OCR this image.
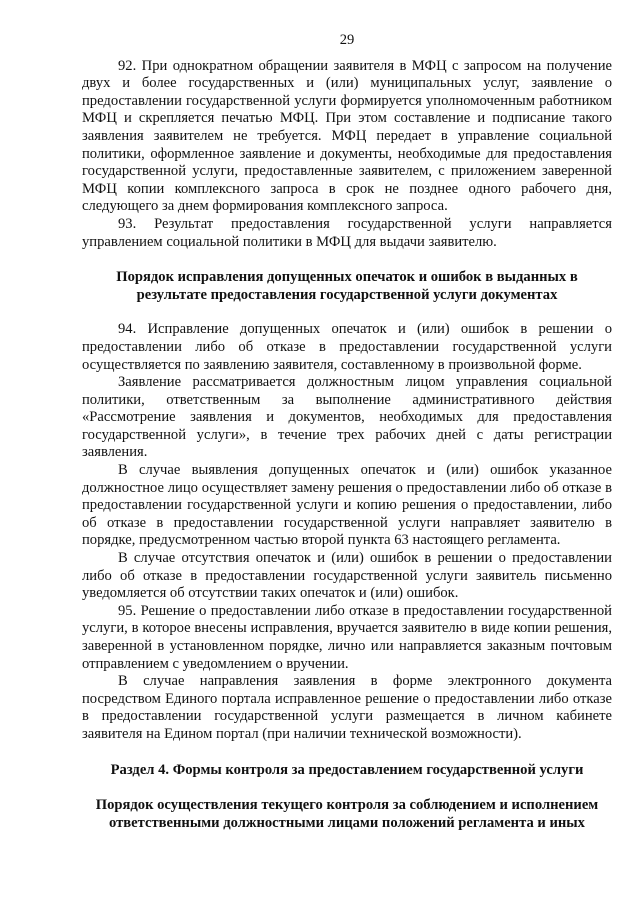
29

92. При однократном обращении заявителя в МФЦ с запросом на получение двух и более государственных и (или) муниципальных услуг, заявление о предоставлении государственной услуги формируется уполномоченным работником МФЦ и скрепляется печатью МФЦ. При этом составление и подписание такого заявления заявителем не требуется. МФЦ передает в управление социальной политики, оформленное заявление и документы, необходимые для предоставления государственной услуги, предоставленные заявителем, с приложением заверенной МФЦ копии комплексного запроса в срок не позднее одного рабочего дня, следующего за днем формирования комплексного запроса.

93. Результат предоставления государственной услуги направляется управлением социальной политики в МФЦ для выдачи заявителю.

Порядок исправления допущенных опечаток и ошибок в выданных в результате предоставления государственной услуги документах

94. Исправление допущенных опечаток и (или) ошибок в решении о предоставлении либо об отказе в предоставлении государственной услуги осуществляется по заявлению заявителя, составленному в произвольной форме.

Заявление рассматривается должностным лицом управления социальной политики, ответственным за выполнение административного действия «Рассмотрение заявления и документов, необходимых для предоставления государственной услуги», в течение трех рабочих дней с даты регистрации заявления.

В случае выявления допущенных опечаток и (или) ошибок указанное должностное лицо осуществляет замену решения о предоставлении либо об отказе в предоставлении государственной услуги и копию решения о предоставлении, либо об отказе в предоставлении государственной услуги направляет заявителю в порядке, предусмотренном частью второй пункта 63 настоящего регламента.

В случае отсутствия опечаток и (или) ошибок в решении о предоставлении либо об отказе в предоставлении государственной услуги заявитель письменно уведомляется об отсутствии таких опечаток и (или) ошибок.

95. Решение о предоставлении либо отказе в предоставлении государственной услуги, в которое внесены исправления, вручается заявителю в виде копии решения, заверенной в установленном порядке, лично или направляется заказным почтовым отправлением с уведомлением о вручении.

В случае направления заявления в форме электронного документа посредством Единого портала исправленное решение о предоставлении либо отказе в предоставлении государственной услуги размещается в личном кабинете заявителя на Едином портал (при наличии технической возможности).

Раздел 4. Формы контроля за предоставлением государственной услуги

Порядок осуществления текущего контроля за соблюдением и исполнением ответственными должностными лицами положений регламента и иных
